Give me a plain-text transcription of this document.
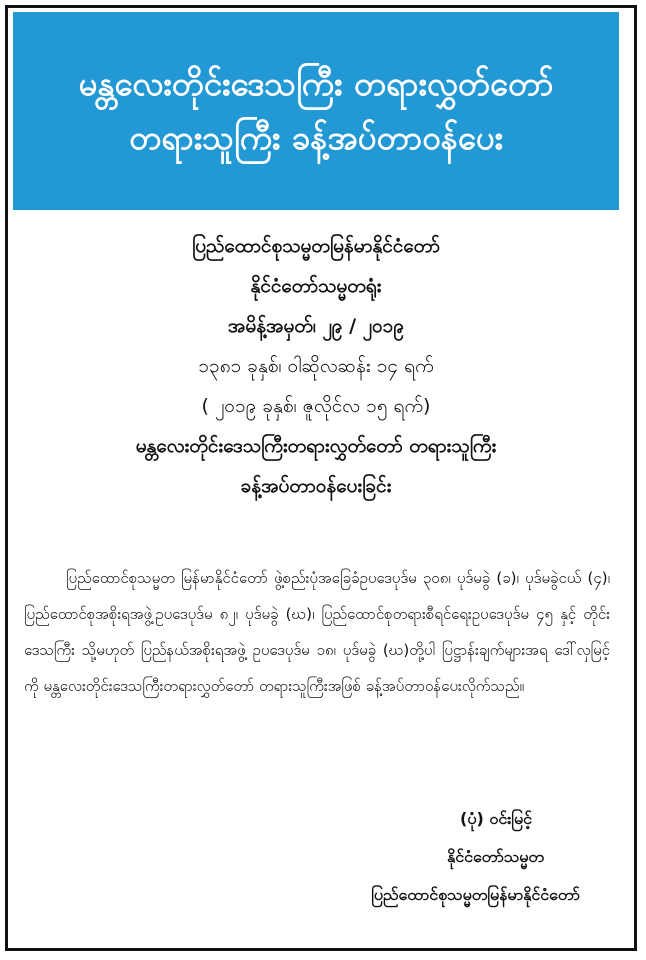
မန္တလေးတိုင်းဒေသကြီး တရားလွှတ်တော်
တရားသူကြီး ခန့်အပ်တာဝန်ပေး
ပြည်ထောင်စုသမ္မတမြန်မာနိုင်ငံတော်
နိုင်ငံတော်သမ္မတရုံး
အမိန့်အမှတ်၊ ၂၉ / ၂၀၁၉
၁၃၈၁ ခုနှစ်၊ ဝါဆိုလဆန်း ၁၄ ရက်
( ၂၀၁၉ ခုနှစ်၊ ဇူလိုင်လ ၁၅ ရက်)
မန္တလေးတိုင်းဒေသကြီးတရားလွှတ်တော် တရားသူကြီး
ခန့်အပ်တာဝန်ပေးခြင်း
ပြည်ထောင်စုသမ္မတ မြန်မာနိုင်ငံတော် ဖွဲ့စည်းပုံအခြေခံဥပဒေပုဒ်မ ၃၀၈၊ ပုဒ်မခွဲ (ခ)၊ ပုဒ်မခွဲငယ် (၄)၊ ပြည်ထောင်စုအစိုးရအဖွဲ့ဥပဒေပုဒ်မ ၈၂၊ ပုဒ်မခွဲ (ဃ)၊ ပြည်ထောင်စုတရားစီရင်ရေးဥပဒေပုဒ်မ ၄၅ နှင့် တိုင်းဒေသကြီး သို့မဟုတ် ပြည်နယ်အစိုးရအဖွဲ့ ဥပဒေပုဒ်မ ၁၈၊ ပုဒ်မခွဲ (ဃ)တို့ပါ ပြဋ္ဌာန်းချက်များအရ ဒေါ်လှမြင့် ကို မန္တလေးတိုင်းဒေသကြီးတရားလွှတ်တော် တရားသူကြီးအဖြစ် ခန့်အပ်တာဝန်ပေးလိုက်သည်။
(ပုံ) ဝင်းမြင့်
နိုင်ငံတော်သမ္မတ
ပြည်ထောင်စုသမ္မတမြန်မာနိုင်ငံတော်
